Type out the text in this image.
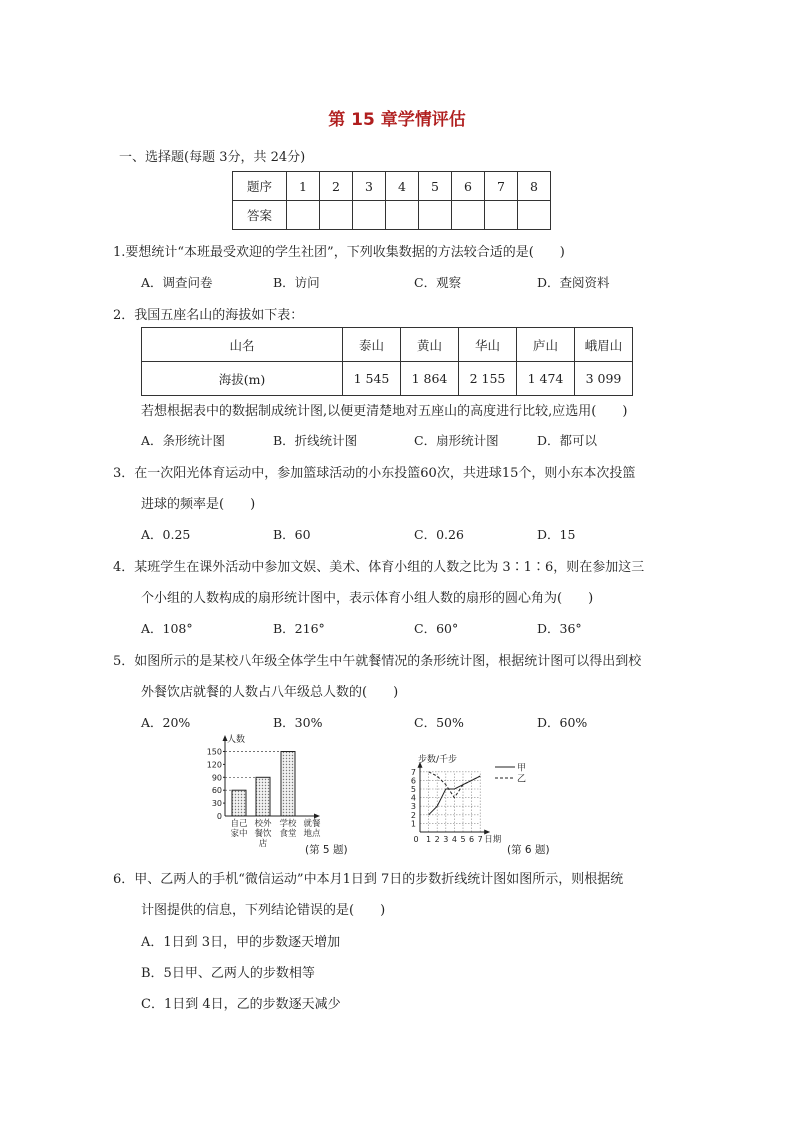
第 15 章学情评估
一、选择题(每题 3分，共 24分)
题序	1	2	3	4	5	6	7	8
答案								
1.要想统计“本班最受欢迎的学生社团”，下列收集数据的方法较合适的是(　　)
A．调查问卷	B．访问	C．观察	D．查阅资料
2．我国五座名山的海拔如下表：
山名	泰山	黄山	华山	庐山	峨眉山
海拔(m)	1 545	1 864	2 155	1 474	3 099
若想根据表中的数据制成统计图,以便更清楚地对五座山的高度进行比较,应选用(　　)
A．条形统计图	B．折线统计图	C．扇形统计图	D．都可以
3．在一次阳光体育运动中，参加篮球活动的小东投篮60次，共进球15个，则小东本次投篮
进球的频率是(　　)
A．0.25	B．60	C．0.26	D．15
4．某班学生在课外活动中参加文娱、美术、体育小组的人数之比为 3∶1∶6，则在参加这三
个小组的人数构成的扇形统计图中，表示体育小组人数的扇形的圆心角为(　　)
A．108°	B．216°	C．60°	D．36°
5．如图所示的是某校八年级全体学生中午就餐情况的条形统计图，根据统计图可以得出到校
外餐饮店就餐的人数占八年级总人数的(　　)
A．20%	B．30%	C．50%	D．60%
人数
0
30
60
90
120
150
自己
家中
校外
餐饮
店
学校
食堂
就餐
地点
(第 5 题)
步数/千步
1
2
3
4
5
6
7
0 1 2 3 4 5 6 7 日期
甲
乙
(第 6 题)
6．甲、乙两人的手机“微信运动”中本月1日到 7日的步数折线统计图如图所示，则根据统
计图提供的信息，下列结论错误的是(　　)
A．1日到 3日，甲的步数逐天增加
B．5日甲、乙两人的步数相等
C．1日到 4日，乙的步数逐天减少
